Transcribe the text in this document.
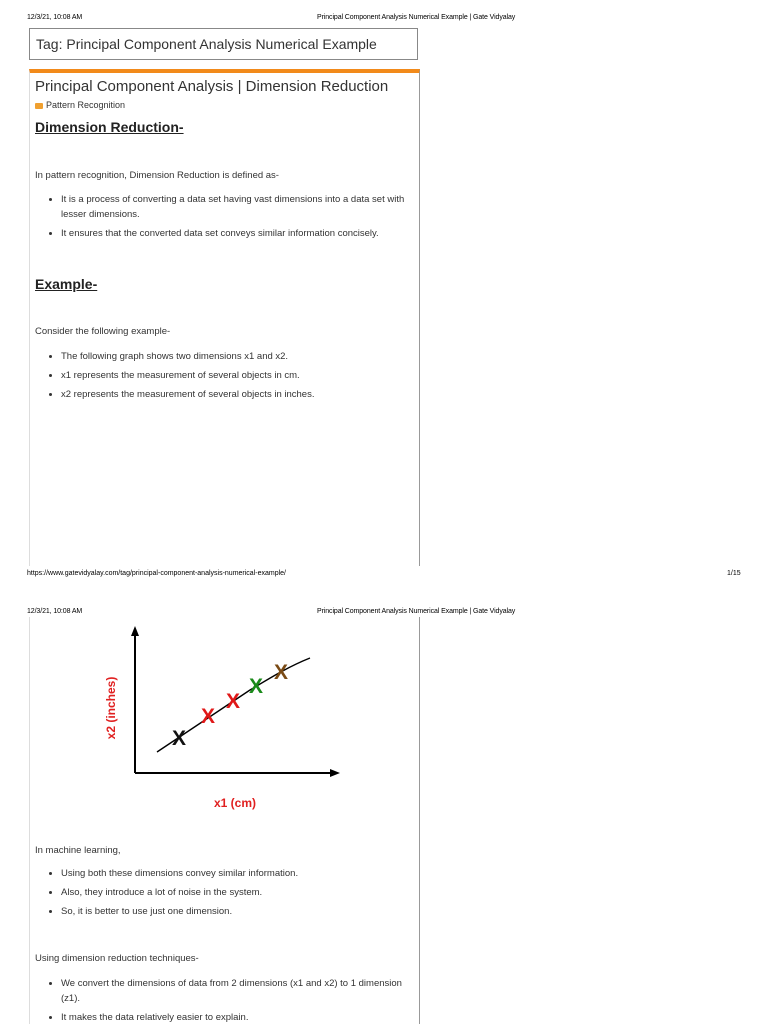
12/3/21, 10:08 AM	Principal Component Analysis Numerical Example | Gate Vidyalay
Tag: Principal Component Analysis Numerical Example
Principal Component Analysis | Dimension Reduction
Pattern Recognition
Dimension Reduction-
In pattern recognition, Dimension Reduction is defined as-
• It is a process of converting a data set having vast dimensions into a data set with lesser dimensions.
• It ensures that the converted data set conveys similar information concisely.
Example-
Consider the following example-
• The following graph shows two dimensions x1 and x2.
• x1 represents the measurement of several objects in cm.
• x2 represents the measurement of several objects in inches.
https://www.gatevidyalay.com/tag/principal-component-analysis-numerical-example/	1/15
12/3/21, 10:08 AM	Principal Component Analysis Numerical Example | Gate Vidyalay
X
X
X
X
X
x1 (cm)
x2 (inches)
In machine learning,
• Using both these dimensions convey similar information.
• Also, they introduce a lot of noise in the system.
• So, it is better to use just one dimension.
Using dimension reduction techniques-
• We convert the dimensions of data from 2 dimensions (x1 and x2) to 1 dimension (z1).
• It makes the data relatively easier to explain.
